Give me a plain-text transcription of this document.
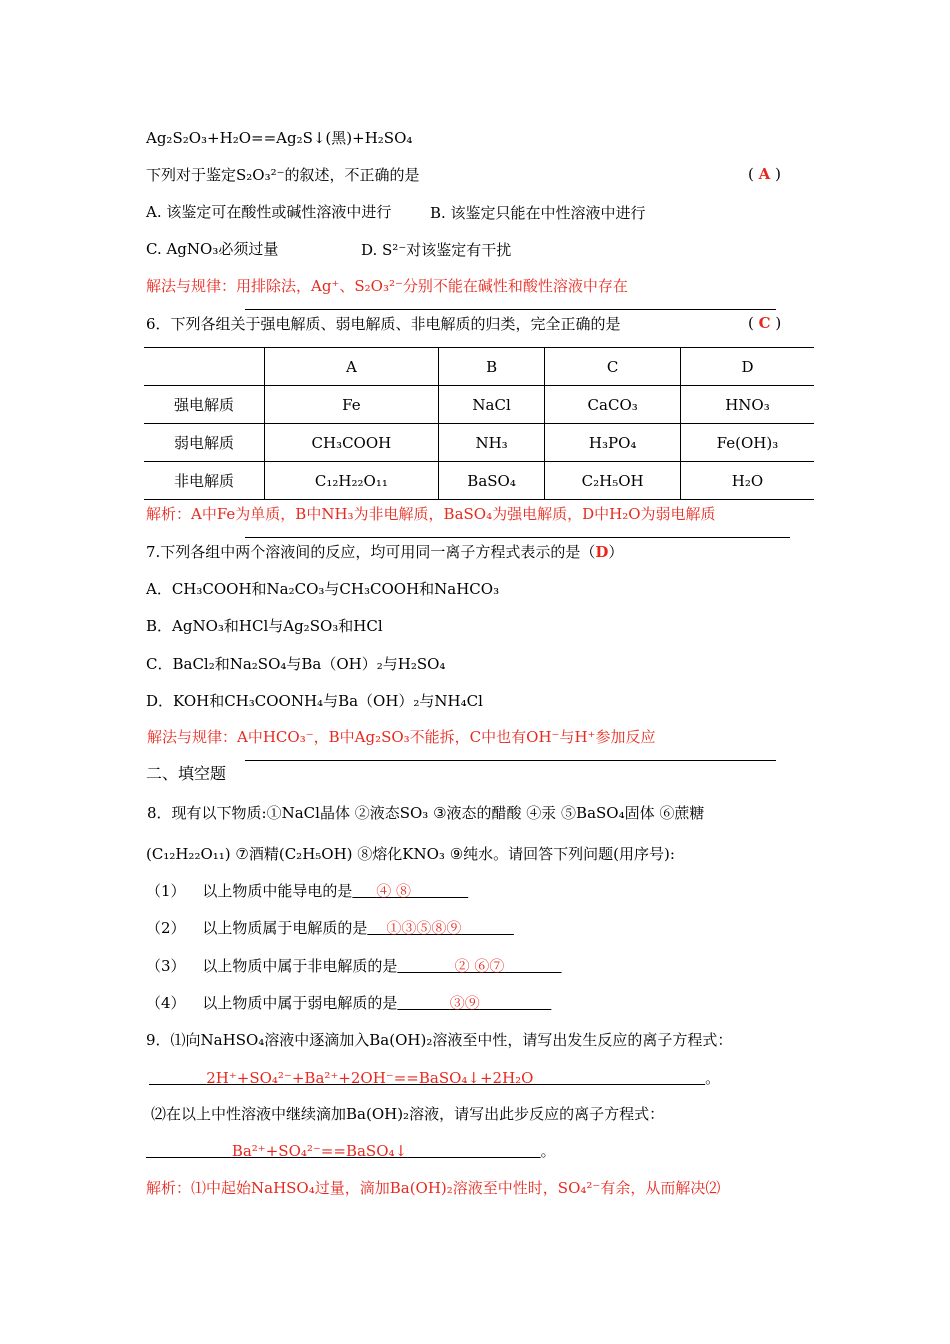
Ag₂S₂O₃+H₂O==Ag₂S↓(黑)+H₂SO₄
下列对于鉴定S₂O₃²⁻的叙述，不正确的是	( A )
A. 该鉴定可在酸性或碱性溶液中进行	B. 该鉴定只能在中性溶液中进行
C. AgNO₃必须过量	D. S²⁻对该鉴定有干扰
解法与规律：用排除法，Ag⁺、S₂O₃²⁻分别不能在碱性和酸性溶液中存在
6．下列各组关于强电解质、弱电解质、非电解质的归类，完全正确的是	( C )
	A	B	C	D
强电解质	Fe	NaCl	CaCO₃	HNO₃
弱电解质	CH₃COOH	NH₃	H₃PO₄	Fe(OH)₃
非电解质	C₁₂H₂₂O₁₁	BaSO₄	C₂H₅OH	H₂O
解析：A中Fe为单质，B中NH₃为非电解质，BaSO₄为强电解质，D中H₂O为弱电解质
7.下列各组中两个溶液间的反应，均可用同一离子方程式表示的是（D）
A．CH₃COOH和Na₂CO₃与CH₃COOH和NaHCO₃
B．AgNO₃和HCl与Ag₂SO₃和HCl
C．BaCl₂和Na₂SO₄与Ba（OH）₂与H₂SO₄
D．KOH和CH₃COONH₄与Ba（OH）₂与NH₄Cl
解法与规律：A中HCO₃⁻，B中Ag₂SO₃不能拆，C中也有OH⁻与H⁺参加反应
二、填空题
8．现有以下物质:①NaCl晶体 ②液态SO₃ ③液态的醋酸 ④汞 ⑤BaSO₄固体 ⑥蔗糖
(C₁₂H₂₂O₁₁) ⑦酒精(C₂H₅OH) ⑧熔化KNO₃ ⑨纯水。请回答下列问题(用序号):
（1） 以上物质中能导电的是 ④ ⑧
（2） 以上物质属于电解质的是 ①③⑤⑧⑨
（3） 以上物质中属于非电解质的是	② ⑥⑦
（4） 以上物质中属于弱电解质的是	③⑨
9．⑴向NaHSO₄溶液中逐滴加入Ba(OH)₂溶液至中性，请写出发生反应的离子方程式：
2H⁺+SO₄²⁻+Ba²⁺+2OH⁻==BaSO₄↓+2H₂O	。
⑵在以上中性溶液中继续滴加Ba(OH)₂溶液，请写出此步反应的离子方程式：
Ba²⁺+SO₄²⁻==BaSO₄↓	。
解析：⑴中起始NaHSO₄过量，滴加Ba(OH)₂溶液至中性时，SO₄²⁻有余，从而解决⑵
